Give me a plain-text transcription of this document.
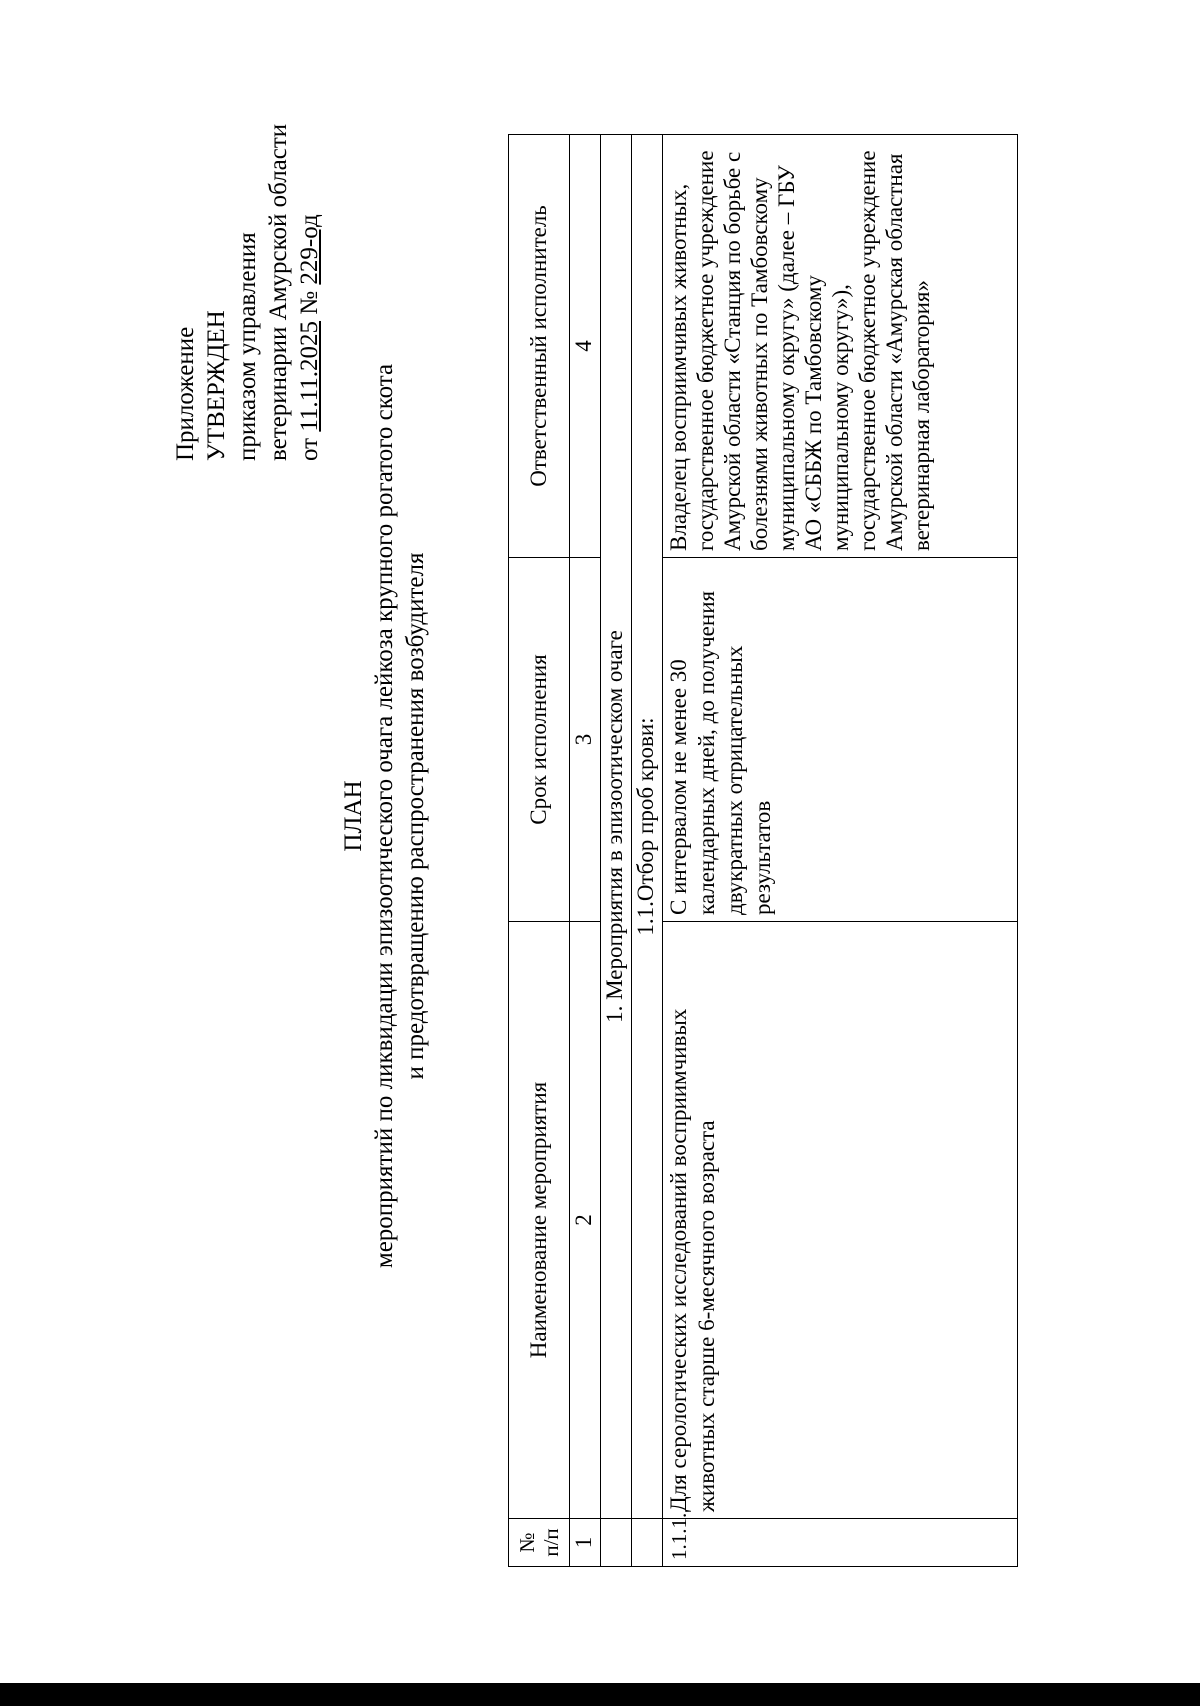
Приложение УТВЕРЖДЕН приказом управления ветеринарии Амурской области от 11.11.2025 № 229-од
ПЛАН мероприятий по ликвидации эпизоотического очага лейкоза крупного рогатого скота и предотвращению распространения возбудителя
№ п/п	Наименование мероприятия	Срок исполнения	Ответственный исполнитель
1	2	3	4
	1. Мероприятия в эпизоотическом очаге		
	1.1.Отбор проб крови:		
1.1.1.	Для серологических исследований восприимчивых животных старше 6-месячного возраста	С интервалом не менее 30 календарных дней, до получения двукратных отрицательных результатов	Владелец восприимчивых животных, государственное бюджетное учреждение Амурской области «Станция по борьбе с болезнями животных по Тамбовскому муниципальному округу» (далее – ГБУ АО «СББЖ по Тамбовскому муниципальному округу»), государственное бюджетное учреждение Амурской области «Амурская областная ветеринарная лаборатория»
